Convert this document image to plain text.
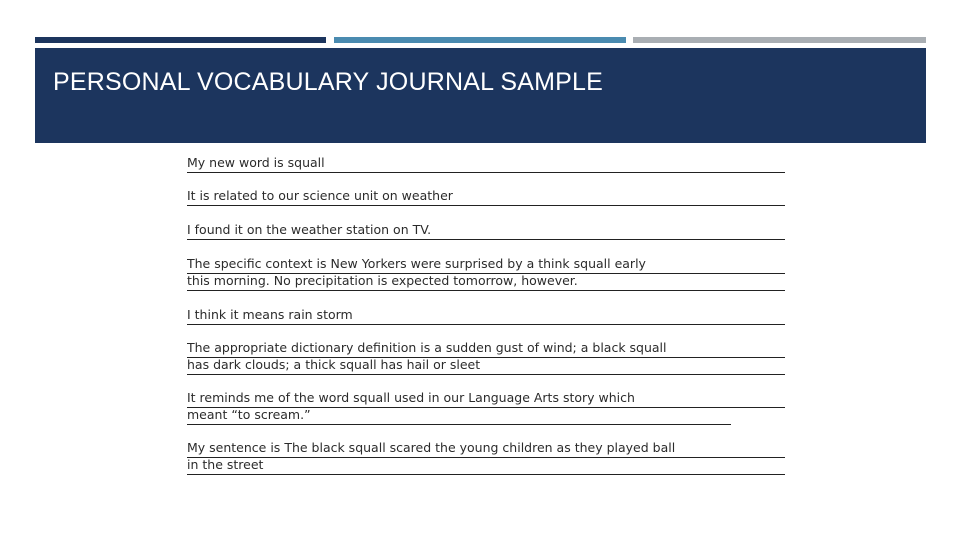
PERSONAL VOCABULARY JOURNAL SAMPLE
My new word is squall
It is related to our science unit on weather
I found it on the weather station on TV.
The specific context is New Yorkers were surprised by a think squall early
this morning. No precipitation is expected tomorrow, however.
I think it means rain storm
The appropriate dictionary definition is a sudden gust of wind; a black squall
has dark clouds; a thick squall has hail or sleet
It reminds me of the word squall used in our Language Arts story which
meant “to scream.”
My sentence is The black squall scared the young children as they played ball
in the street
